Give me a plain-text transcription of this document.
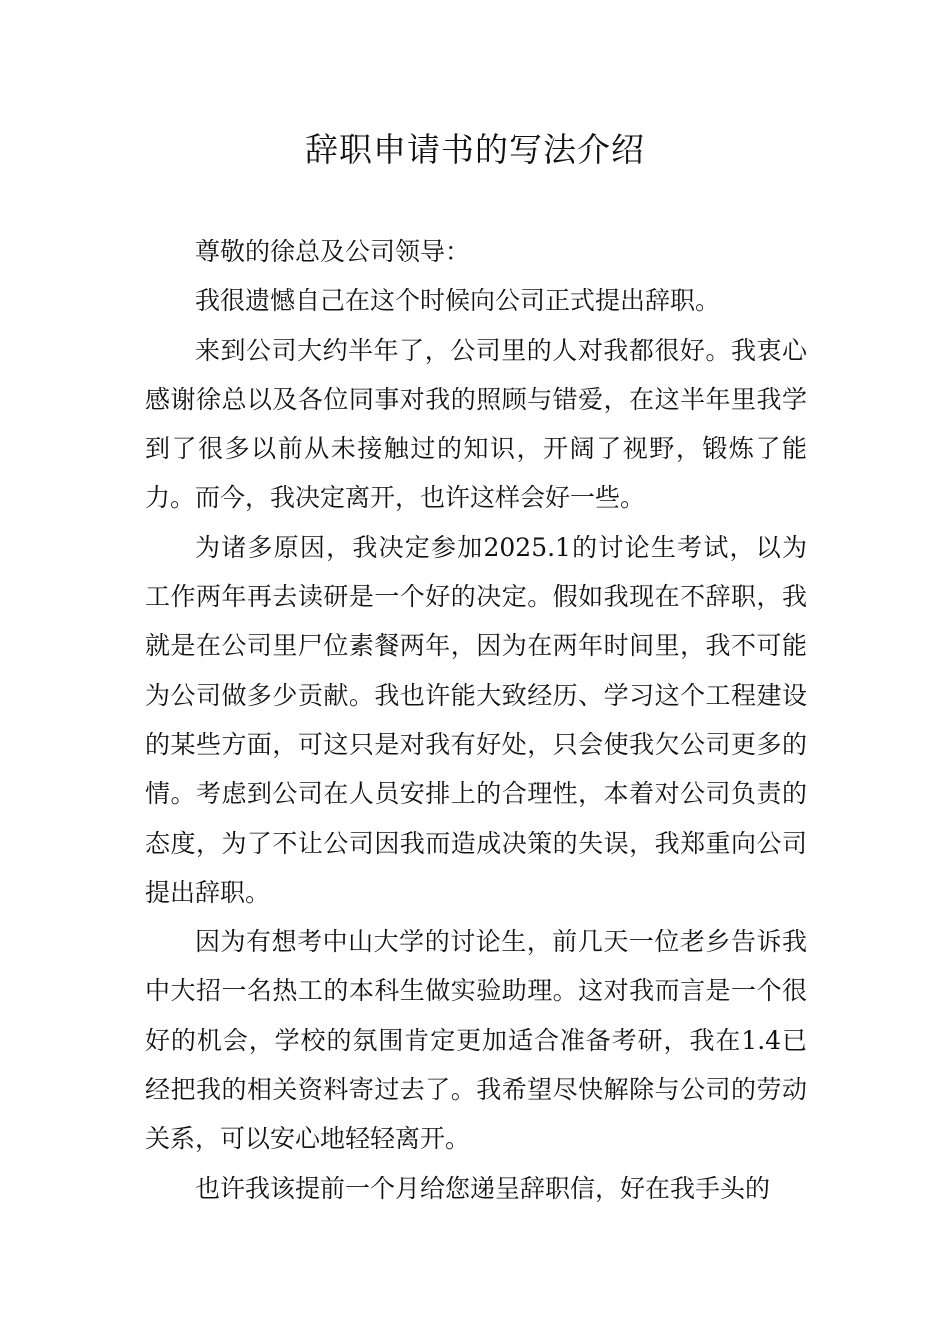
辞职申请书的写法介绍

尊敬的徐总及公司领导：

我很遗憾自己在这个时候向公司正式提出辞职。

来到公司大约半年了，公司里的人对我都很好。我衷心感谢徐总以及各位同事对我的照顾与错爱，在这半年里我学到了很多以前从未接触过的知识，开阔了视野，锻炼了能力。而今，我决定离开，也许这样会好一些。

为诸多原因，我决定参加2025.1的讨论生考试，以为工作两年再去读研是一个好的决定。假如我现在不辞职，我就是在公司里尸位素餐两年，因为在两年时间里，我不可能为公司做多少贡献。我也许能大致经历、学习这个工程建设的某些方面，可这只是对我有好处，只会使我欠公司更多的情。考虑到公司在人员安排上的合理性，本着对公司负责的态度，为了不让公司因我而造成决策的失误，我郑重向公司提出辞职。

因为有想考中山大学的讨论生，前几天一位老乡告诉我中大招一名热工的本科生做实验助理。这对我而言是一个很好的机会，学校的氛围肯定更加适合准备考研，我在1.4已经把我的相关资料寄过去了。我希望尽快解除与公司的劳动关系，可以安心地轻轻离开。

也许我该提前一个月给您递呈辞职信，好在我手头的
